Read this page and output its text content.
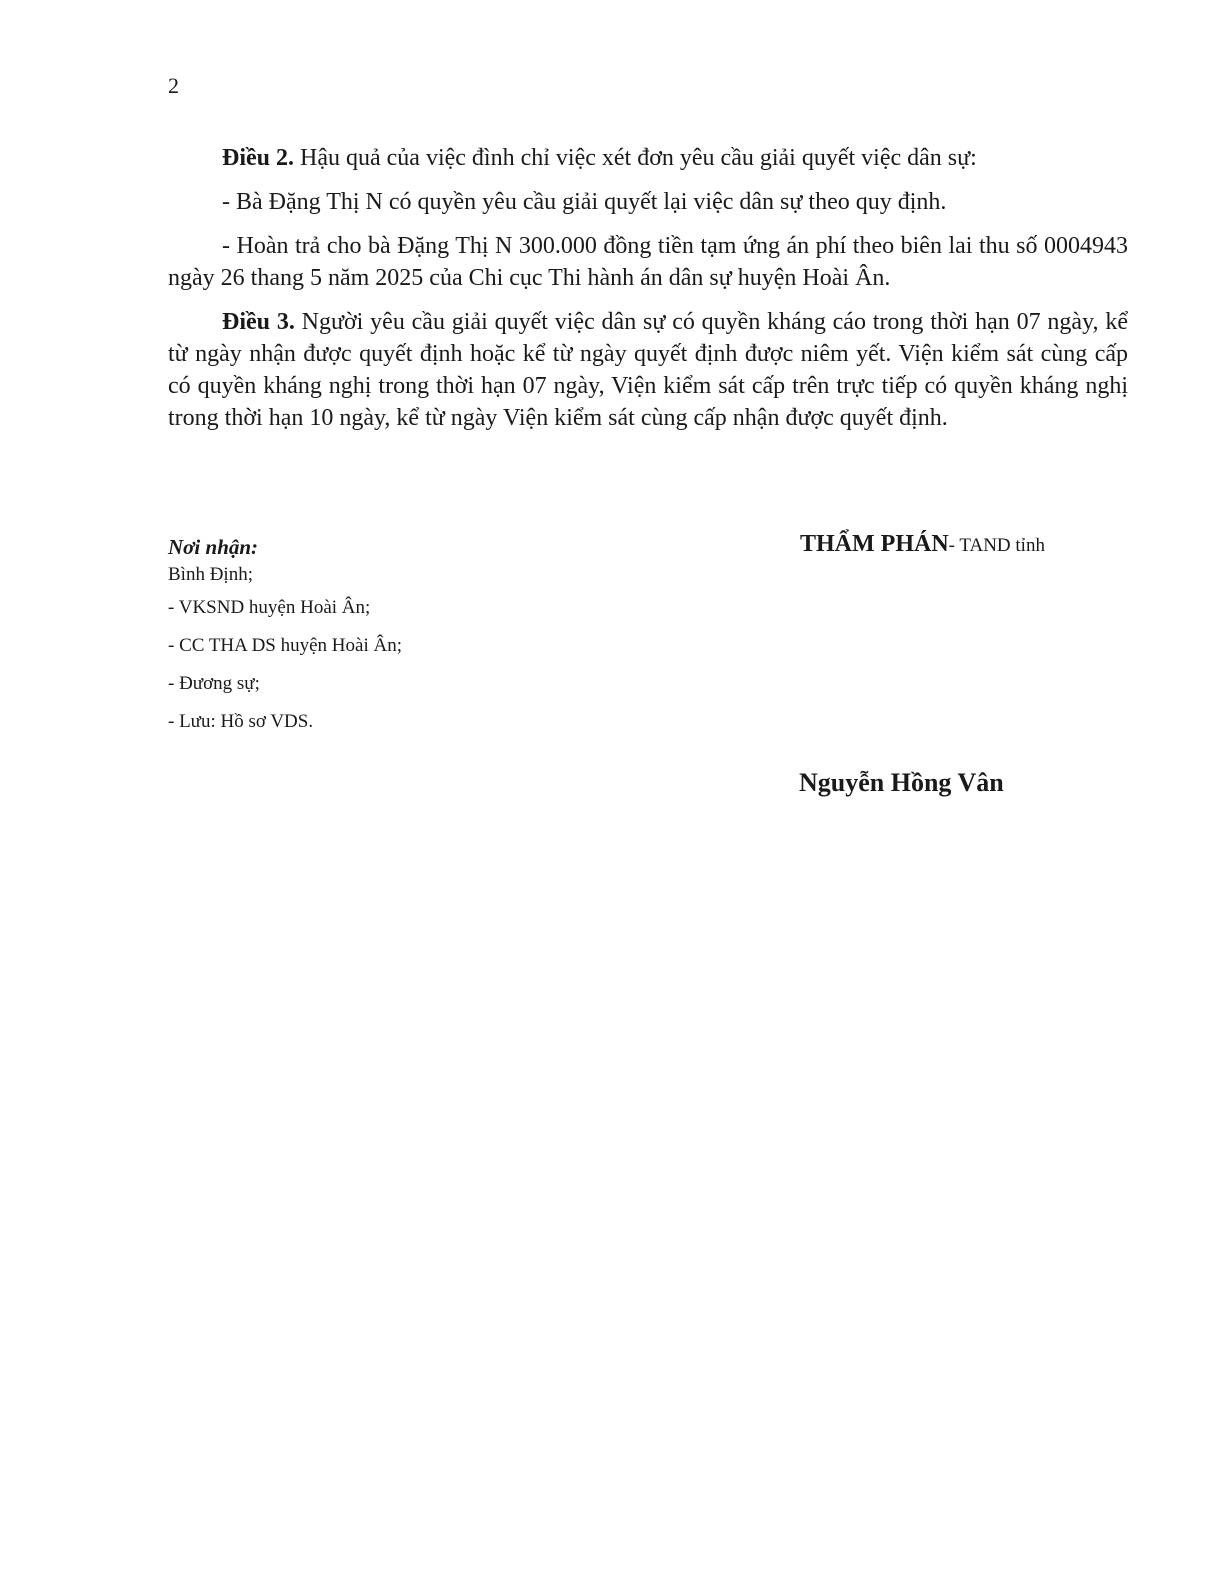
2

Điều 2. Hậu quả của việc đình chỉ việc xét đơn yêu cầu giải quyết việc dân sự:

- Bà Đặng Thị N có quyền yêu cầu giải quyết lại việc dân sự theo quy định.

- Hoàn trả cho bà Đặng Thị N 300.000 đồng tiền tạm ứng án phí theo biên lai thu số 0004943 ngày 26 thang 5 năm 2025 của Chi cục Thi hành án dân sự huyện Hoài Ân.

Điều 3. Người yêu cầu giải quyết việc dân sự có quyền kháng cáo trong thời hạn 07 ngày, kể từ ngày nhận được quyết định hoặc kể từ ngày quyết định được niêm yết. Viện kiểm sát cùng cấp có quyền kháng nghị trong thời hạn 07 ngày, Viện kiểm sát cấp trên trực tiếp có quyền kháng nghị trong thời hạn 10 ngày, kể từ ngày Viện kiểm sát cùng cấp nhận được quyết định.

Nơi nhận:
Bình Định;
- VKSND huyện Hoài Ân;
- CC THA DS huyện Hoài Ân;
- Đương sự;
- Lưu: Hồ sơ VDS.
THẨM PHÁN- TAND tỉnh
Nguyễn Hồng Vân
